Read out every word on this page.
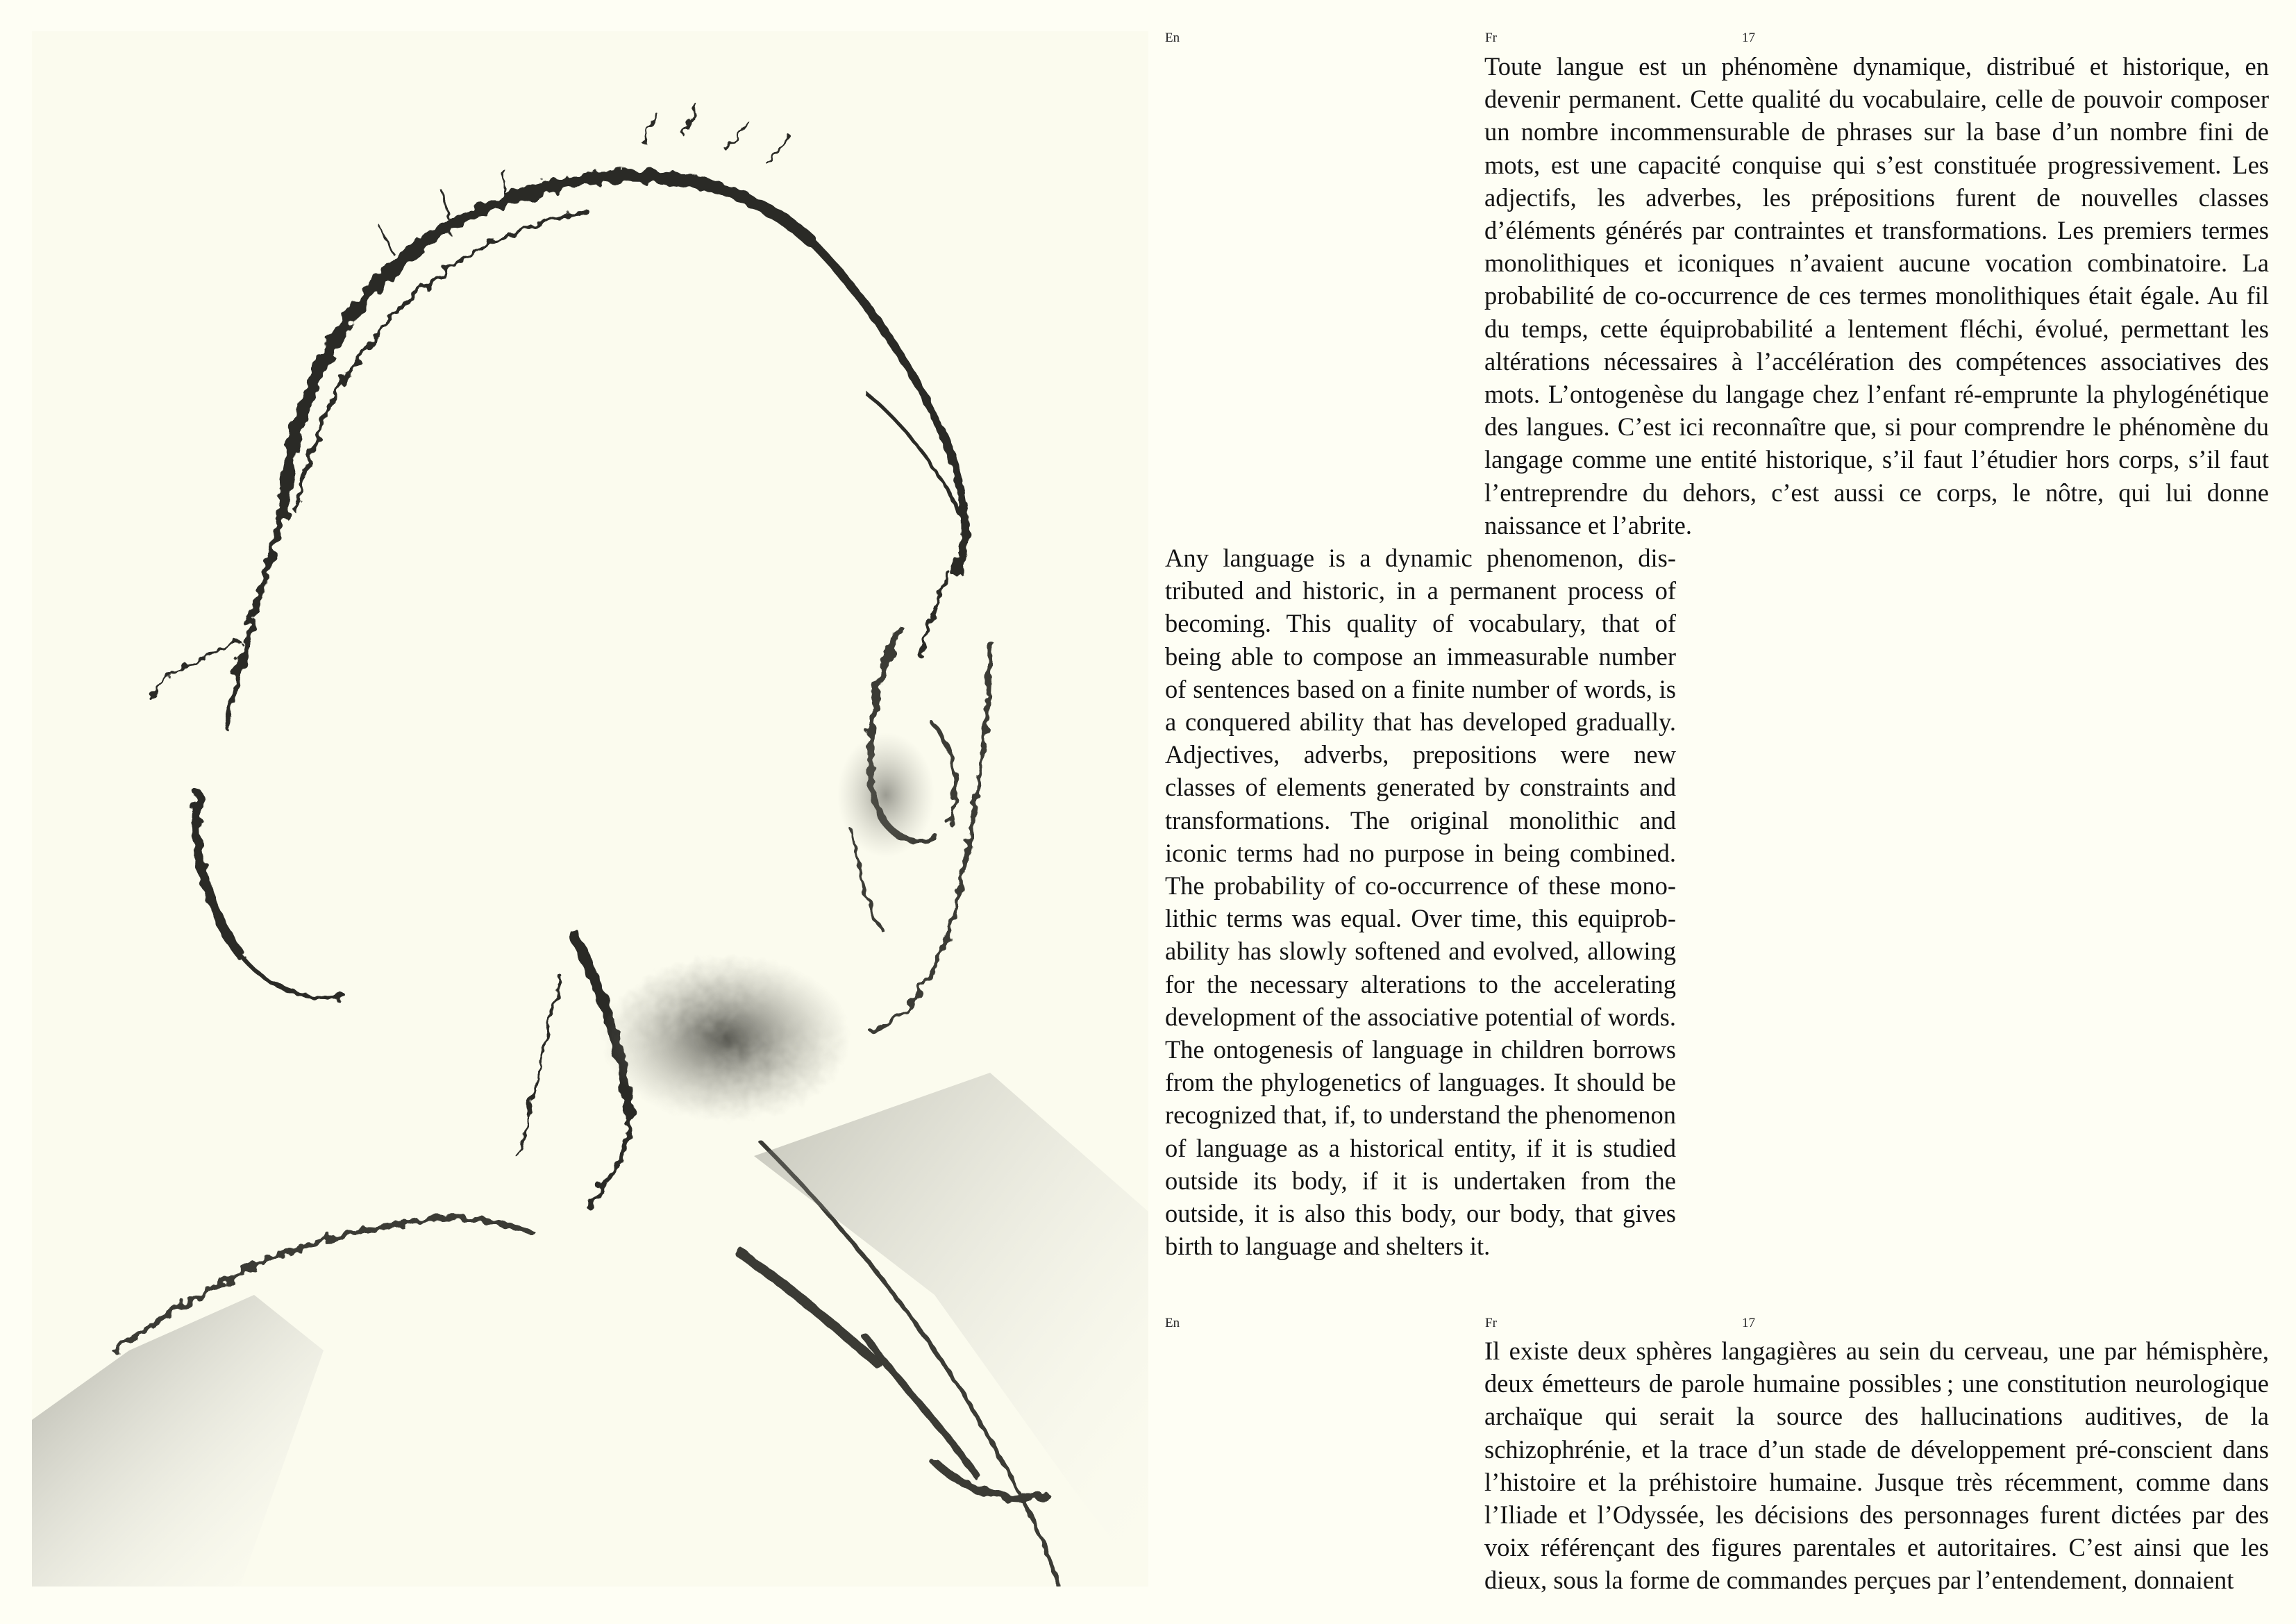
En	Fr	17

Toute langue est un phénomène dynamique, distribué et historique, en devenir permanent. Cette qualité du vocabulaire, celle de pouvoir composer un nombre incommensurable de phrases sur la base d’un nombre fini de mots, est une capacité conquise qui s’est constituée progressivement. Les adjectifs, les adverbes, les prépositions furent de nouvelles classes d’éléments générés par contraintes et transformations. Les premiers termes monolithiques et iconiques n’avaient aucune vocation combinatoire. La probabilité de co-occurrence de ces termes monolithiques était égale. Au fil du temps, cette équiprobabilité a lentement fléchi, évolué, permettant les altérations nécessaires à l’accélération des compétences associatives des mots. L’ontogenèse du langage chez l’enfant ré-emprunte la phylogénétique des langues. C’est ici reconnaître que, si pour comprendre le phénomène du langage comme une entité historique, s’il faut l’étudier hors corps, s’il faut l’entreprendre du dehors, c’est aussi ce corps, le nôtre, qui lui donne naissance et l’abrite.

Any language is a dynamic phenomenon, distributed and historic, in a permanent process of becoming. This quality of vocabulary, that of being able to compose an immeasurable number of sentences based on a finite number of words, is a conquered ability that has developed gradually. Adjectives, adverbs, prepositions were new classes of elements generated by constraints and transformations. The original monolithic and iconic terms had no purpose in being combined. The probability of co-occurrence of these monolithic terms was equal. Over time, this equiprobability has slowly softened and evolved, allowing for the necessary alterations to the accelerating development of the associative potential of words. The ontogenesis of language in children borrows from the phylogenetics of languages. It should be recognized that, if, to understand the phenomenon of language as a historical entity, if it is studied outside its body, if it is undertaken from the outside, it is also this body, our body, that gives birth to language and shelters it.

En	Fr	17

Il existe deux sphères langagières au sein du cerveau, une par hémisphère, deux émetteurs de parole humaine possibles ; une constitution neurologique archaïque qui serait la source des hallucinations auditives, de la schizophrénie, et la trace d’un stade de développement pré-conscient dans l’histoire et la préhistoire humaine. Jusque très récemment, comme dans l’Iliade et l’Odyssée, les décisions des personnages furent dictées par des voix référençant des figures parentales et autoritaires. C’est ainsi que les dieux, sous la forme de commandes perçues par l’entendement, donnaient
